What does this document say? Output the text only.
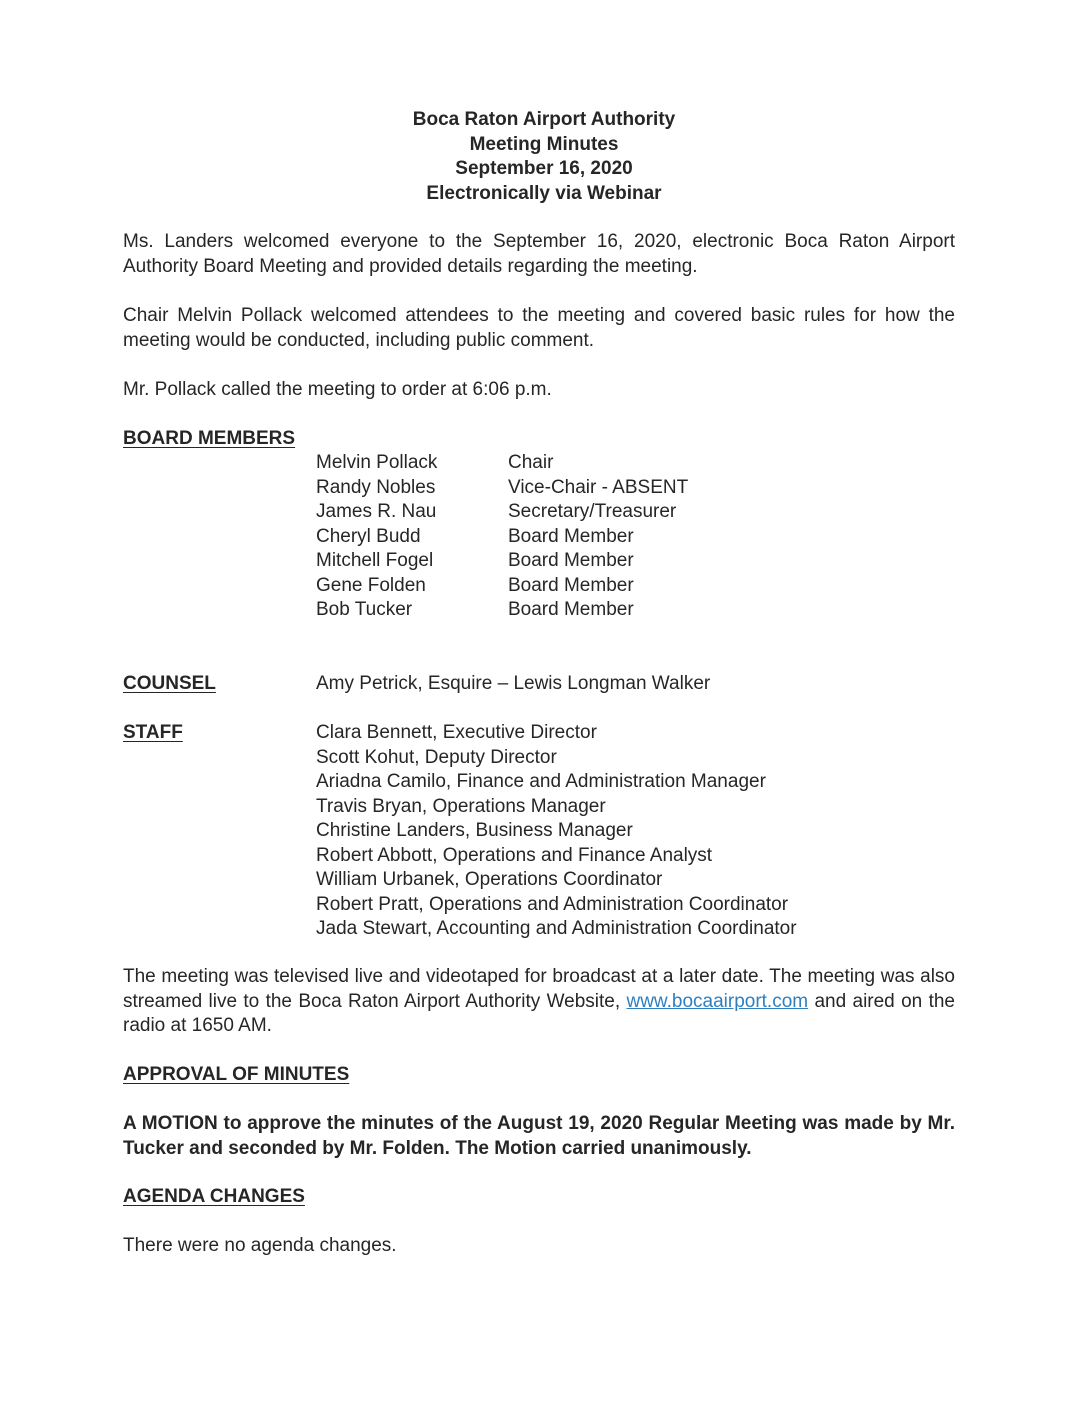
Boca Raton Airport Authority
Meeting Minutes
September 16, 2020
Electronically via Webinar
Ms. Landers welcomed everyone to the September 16, 2020, electronic Boca Raton Airport Authority Board Meeting and provided details regarding the meeting.
Chair Melvin Pollack welcomed attendees to the meeting and covered basic rules for how the meeting would be conducted, including public comment.
Mr. Pollack called the meeting to order at 6:06 p.m.
BOARD MEMBERS
Melvin Pollack	Chair
Randy Nobles	Vice-Chair - ABSENT
James R. Nau	Secretary/Treasurer
Cheryl Budd	Board Member
Mitchell Fogel	Board Member
Gene Folden	Board Member
Bob Tucker	Board Member
COUNSEL	Amy Petrick, Esquire – Lewis Longman Walker
STAFF	Clara Bennett, Executive Director
Scott Kohut, Deputy Director
Ariadna Camilo, Finance and Administration Manager
Travis Bryan, Operations Manager
Christine Landers, Business Manager
Robert Abbott, Operations and Finance Analyst
William Urbanek, Operations Coordinator
Robert Pratt, Operations and Administration Coordinator
Jada Stewart, Accounting and Administration Coordinator
The meeting was televised live and videotaped for broadcast at a later date. The meeting was also streamed live to the Boca Raton Airport Authority Website, www.bocaairport.com and aired on the radio at 1650 AM.
APPROVAL OF MINUTES
A MOTION to approve the minutes of the August 19, 2020 Regular Meeting was made by Mr. Tucker and seconded by Mr. Folden. The Motion carried unanimously.
AGENDA CHANGES
There were no agenda changes.
